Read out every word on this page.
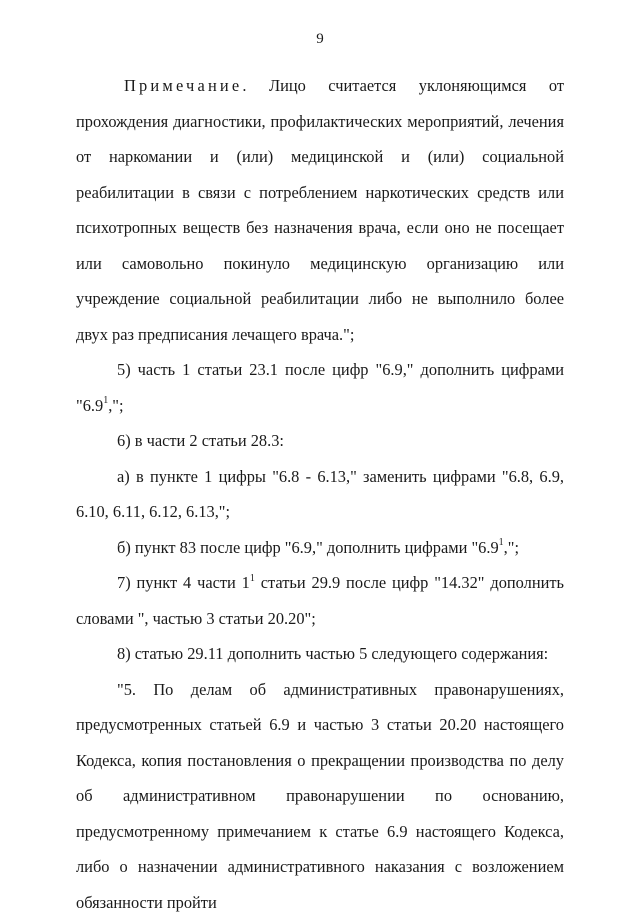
9

Примечание. Лицо считается уклоняющимся от прохождения диагностики, профилактических мероприятий, лечения от наркомании и (или) медицинской и (или) социальной реабилитации в связи с потреблением наркотических средств или психотропных веществ без назначения врача, если оно не посещает или самовольно покинуло медицинскую организацию или учреждение социальной реабилитации либо не выполнило более двух раз предписания лечащего врача.";

5) часть 1 статьи 23.1 после цифр "6.9," дополнить цифрами "$6.9^1$,";

6) в части 2 статьи 28.3:

а) в пункте 1 цифры "6.8 - 6.13," заменить цифрами "6.8, 6.9, 6.10, 6.11, 6.12, 6.13,";

б) пункт 83 после цифр "6.9," дополнить цифрами "$6.9^1$,";

7) пункт 4 части $1^1$ статьи 29.9 после цифр "14.32" дополнить словами ", частью 3 статьи 20.20";

8) статью 29.11 дополнить частью 5 следующего содержания:

"5. По делам об административных правонарушениях, предусмотренных статьей 6.9 и частью 3 статьи 20.20 настоящего Кодекса, копия постановления о прекращении производства по делу об административном правонарушении по основанию, предусмотренному примечанием к статье 6.9 настоящего Кодекса, либо о назначении административного наказания с возложением обязанности пройти
